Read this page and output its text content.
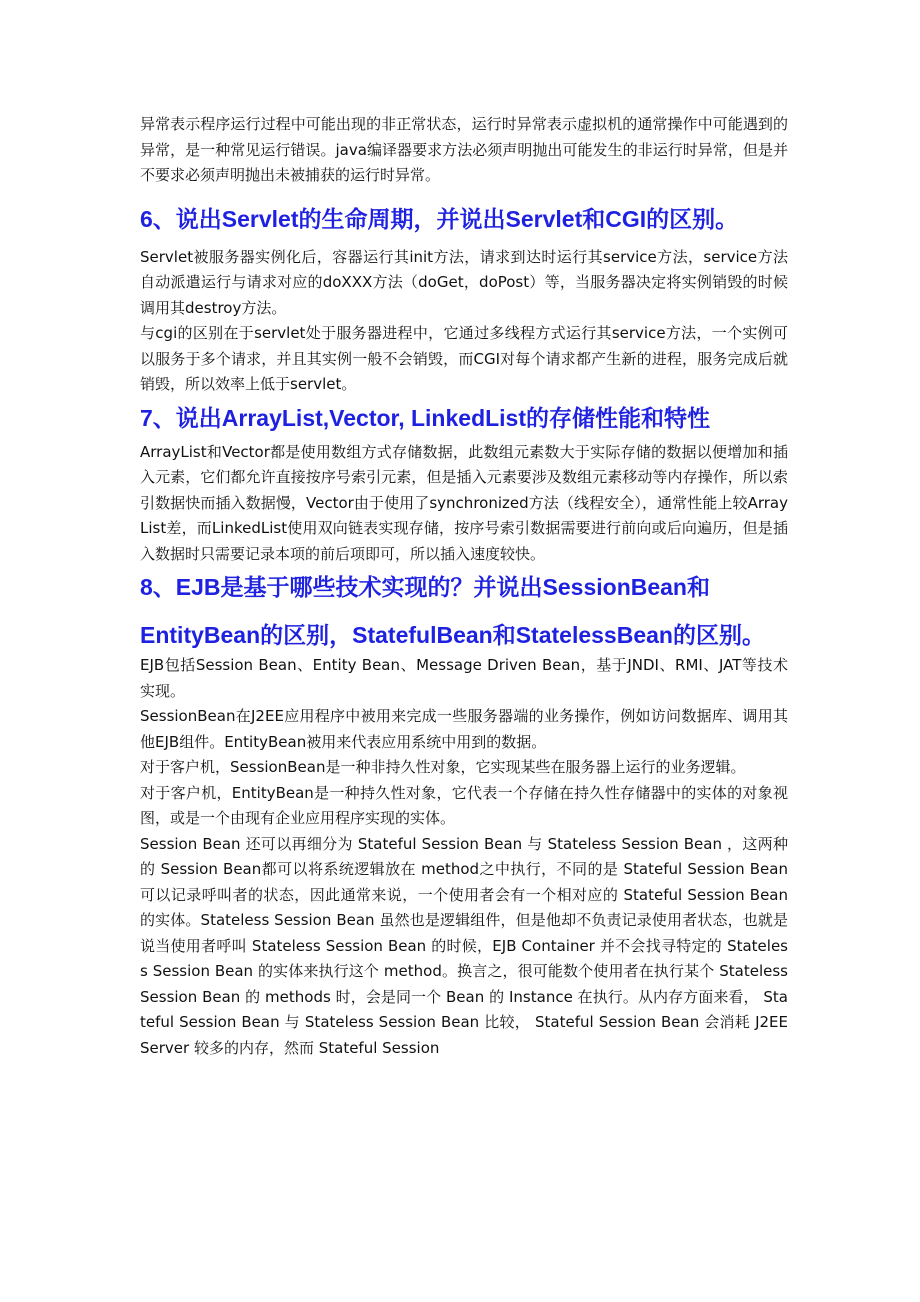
异常表示程序运行过程中可能出现的非正常状态，运行时异常表示虚拟机的通常操作中可能遇到的异常，是一种常见运行错误。java编译器要求方法必须声明抛出可能发生的非运行时异常，但是并不要求必须声明抛出未被捕获的运行时异常。

6、说出Servlet的生命周期，并说出Servlet和CGI的区别。

Servlet被服务器实例化后，容器运行其init方法，请求到达时运行其service方法，service方法自动派遣运行与请求对应的doXXX方法（doGet，doPost）等，当服务器决定将实例销毁的时候调用其destroy方法。

与cgi的区别在于servlet处于服务器进程中，它通过多线程方式运行其service方法，一个实例可以服务于多个请求，并且其实例一般不会销毁，而CGI对每个请求都产生新的进程，服务完成后就销毁，所以效率上低于servlet。

7、说出ArrayList,Vector, LinkedList的存储性能和特性

ArrayList和Vector都是使用数组方式存储数据，此数组元素数大于实际存储的数据以便增加和插入元素，它们都允许直接按序号索引元素，但是插入元素要涉及数组元素移动等内存操作，所以索引数据快而插入数据慢，Vector由于使用了synchronized方法（线程安全），通常性能上较ArrayList差，而LinkedList使用双向链表实现存储，按序号索引数据需要进行前向或后向遍历，但是插入数据时只需要记录本项的前后项即可，所以插入速度较快。

8、EJB是基于哪些技术实现的？并说出SessionBean和EntityBean的区别，StatefulBean和StatelessBean的区别。

EJB包括Session Bean、Entity Bean、Message Driven Bean，基于JNDI、RMI、JAT等技术实现。

SessionBean在J2EE应用程序中被用来完成一些服务器端的业务操作，例如访问数据库、调用其他EJB组件。EntityBean被用来代表应用系统中用到的数据。

对于客户机，SessionBean是一种非持久性对象，它实现某些在服务器上运行的业务逻辑。

对于客户机，EntityBean是一种持久性对象，它代表一个存储在持久性存储器中的实体的对象视图，或是一个由现有企业应用程序实现的实体。

Session Bean 还可以再细分为 Stateful Session Bean 与 Stateless Session Bean ，这两种的 Session Bean都可以将系统逻辑放在 method之中执行，不同的是 Stateful Session Bean 可以记录呼叫者的状态，因此通常来说，一个使用者会有一个相对应的 Stateful Session Bean 的实体。Stateless Session Bean 虽然也是逻辑组件，但是他却不负责记录使用者状态，也就是说当使用者呼叫 Stateless Session Bean 的时候，EJB Container 并不会找寻特定的 Stateless Session Bean 的实体来执行这个 method。换言之，很可能数个使用者在执行某个 Stateless Session Bean 的 methods 时，会是同一个 Bean 的 Instance 在执行。从内存方面来看， Stateful Session Bean 与 Stateless Session Bean 比较， Stateful Session Bean 会消耗 J2EE Server 较多的内存，然而 Stateful Session
